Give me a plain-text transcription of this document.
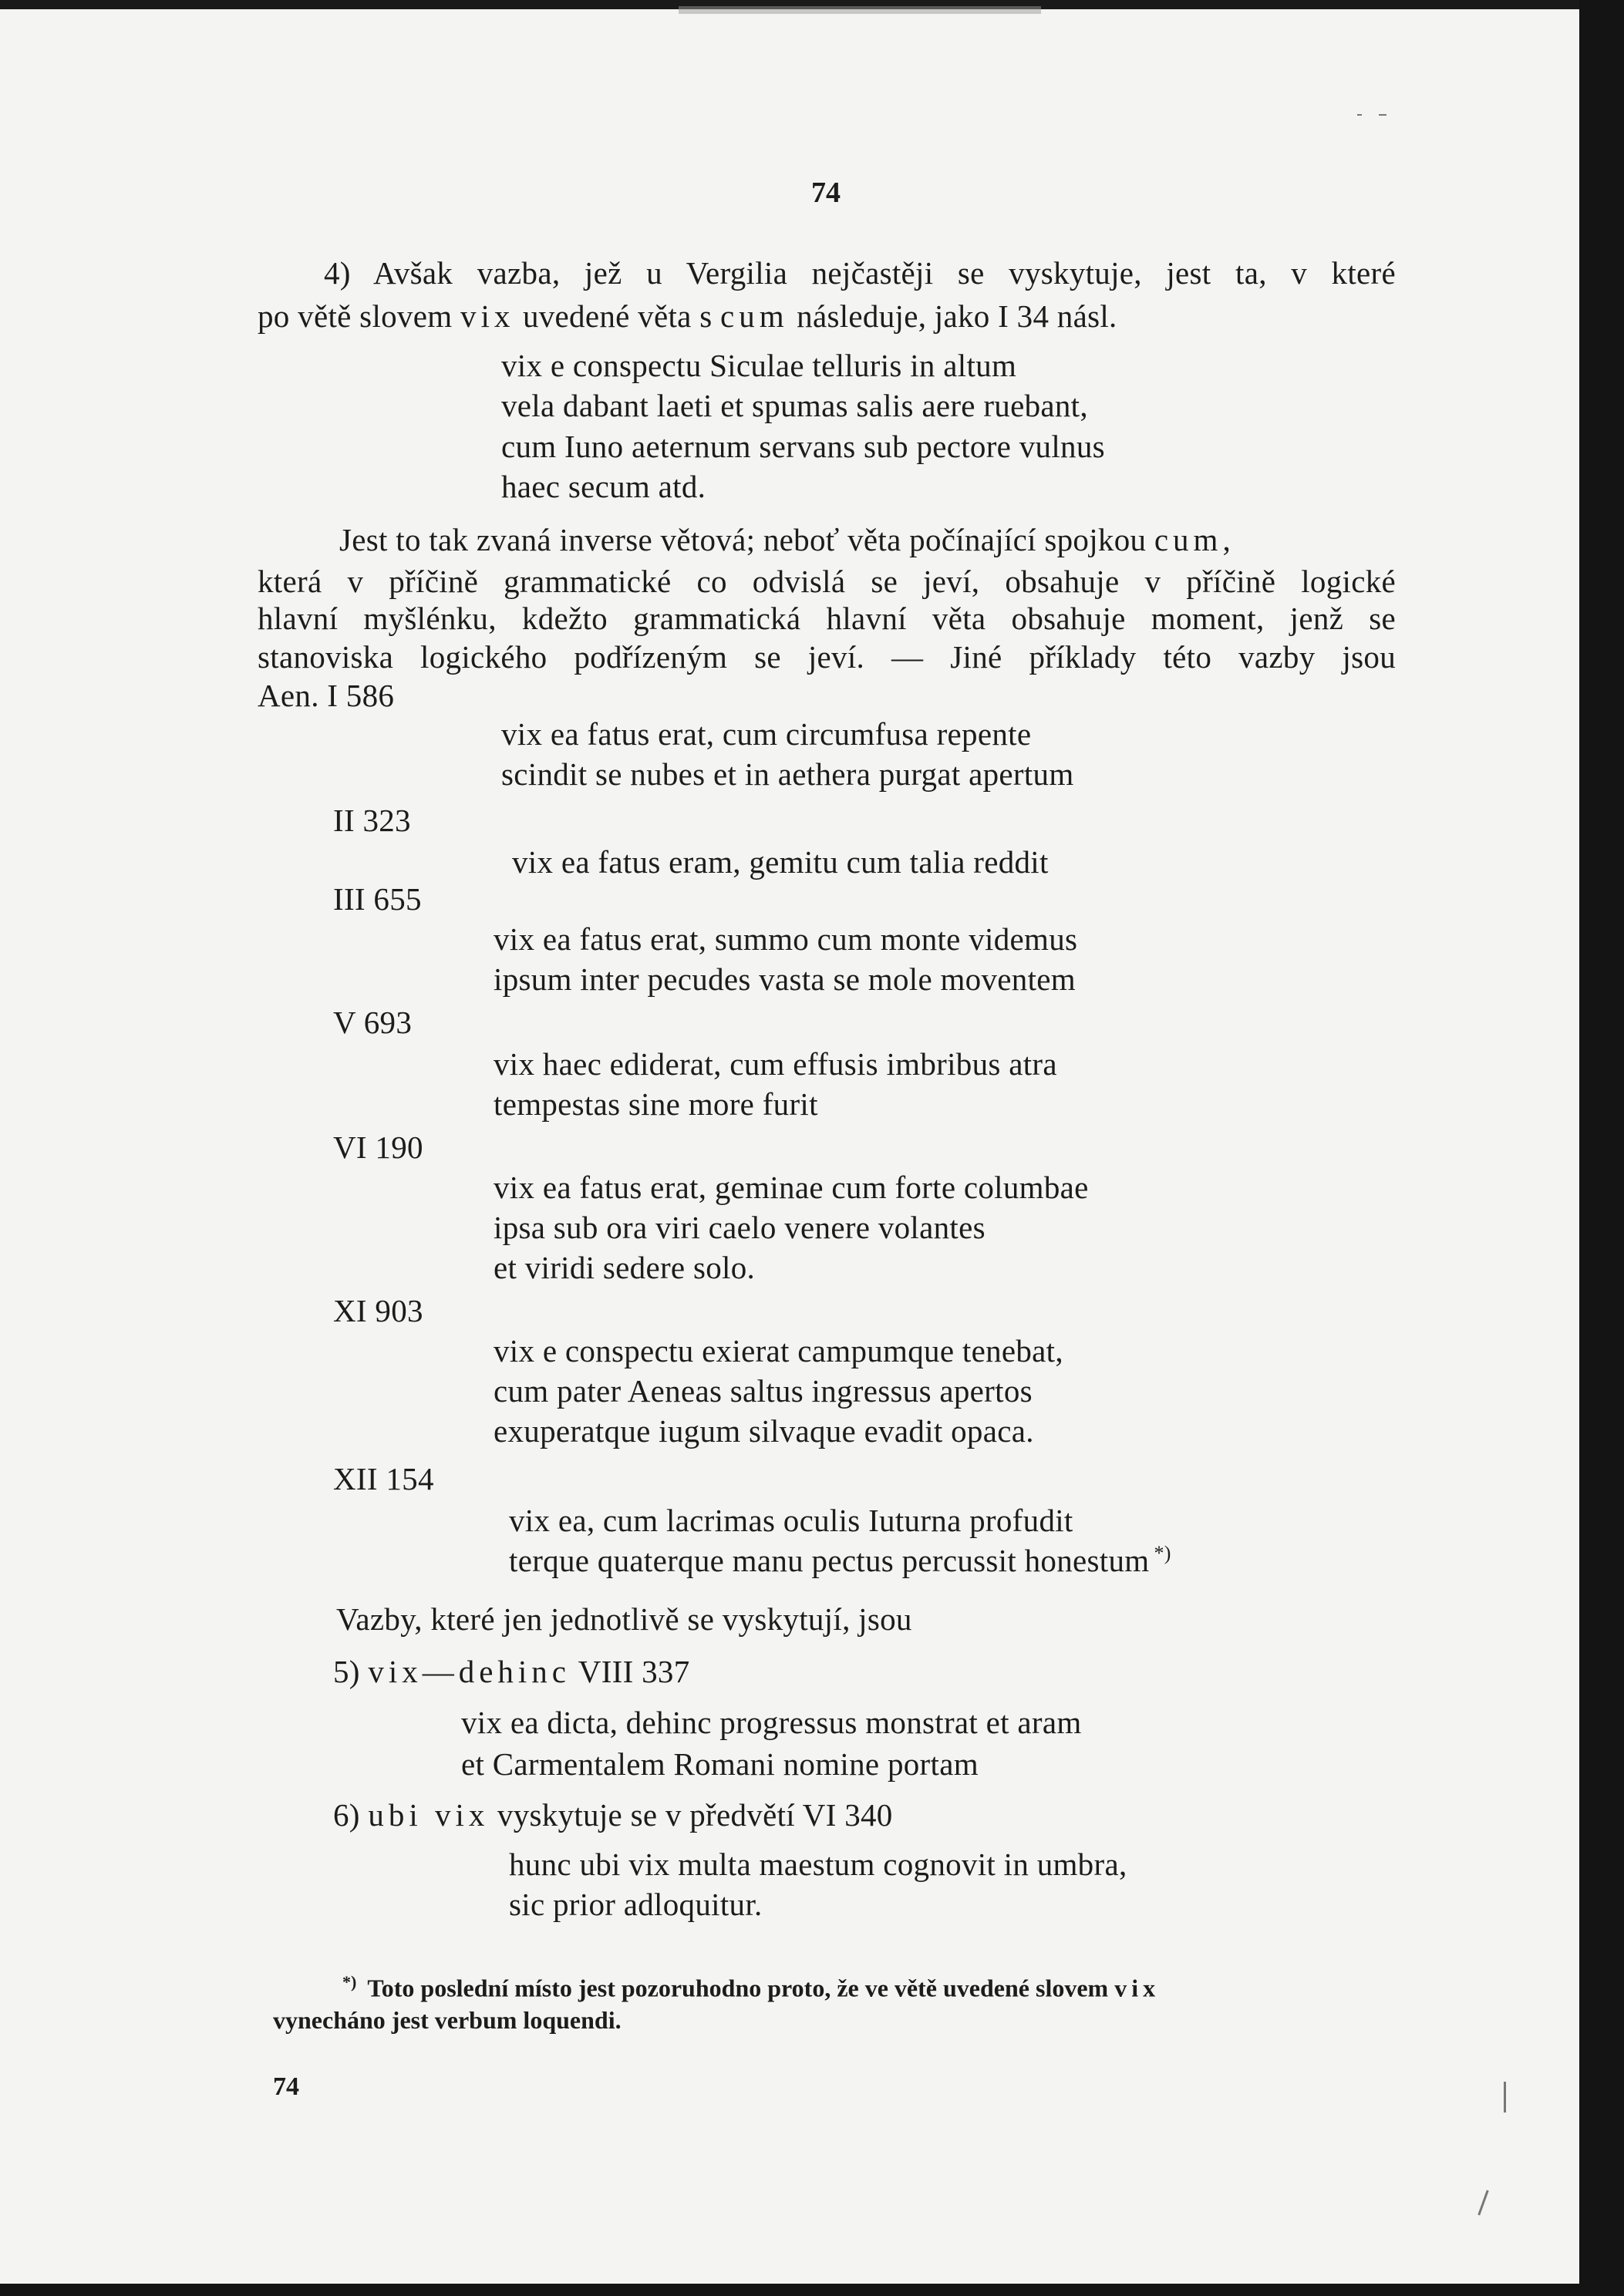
74
4) Avšak vazba, jež u Vergilia nejčastěji se vyskytuje, jest ta, v které
po větě slovem vix uvedené věta s cum následuje, jako I 34 násl.
vix e conspectu Siculae telluris in altum
vela dabant laeti et spumas salis aere ruebant,
cum Iuno aeternum servans sub pectore vulnus
haec secum atd.
Jest to tak zvaná inverse větová; neboť věta počínající spojkou cum,
která v příčině grammatické co odvislá se jeví, obsahuje v příčině logické
hlavní myšlénku, kdežto grammatická hlavní věta obsahuje moment, jenž se
stanoviska logického podřízeným se jeví. — Jiné příklady této vazby jsou
Aen. I 586
vix ea fatus erat, cum circumfusa repente
scindit se nubes et in aethera purgat apertum
II 323
vix ea fatus eram, gemitu cum talia reddit
III 655
vix ea fatus erat, summo cum monte videmus
ipsum inter pecudes vasta se mole moventem
V 693
vix haec ediderat, cum effusis imbribus atra
tempestas sine more furit
VI 190
vix ea fatus erat, geminae cum forte columbae
ipsa sub ora viri caelo venere volantes
et viridi sedere solo.
XI 903
vix e conspectu exierat campumque tenebat,
cum pater Aeneas saltus ingressus apertos
exuperatque iugum silvaque evadit opaca.
XII 154
vix ea, cum lacrimas oculis Iuturna profudit
terque quaterque manu pectus percussit honestum *)
Vazby, které jen jednotlivě se vyskytují, jsou
5) vix—dehinc VIII 337
vix ea dicta, dehinc progressus monstrat et aram
et Carmentalem Romani nomine portam
6) ubi vix vyskytuje se v předvětí VI 340
hunc ubi vix multa maestum cognovit in umbra,
sic prior adloquitur.
*) Toto poslední místo jest pozoruhodno proto, že ve větě uvedené slovem vix
vynecháno jest verbum loquendi.
74
